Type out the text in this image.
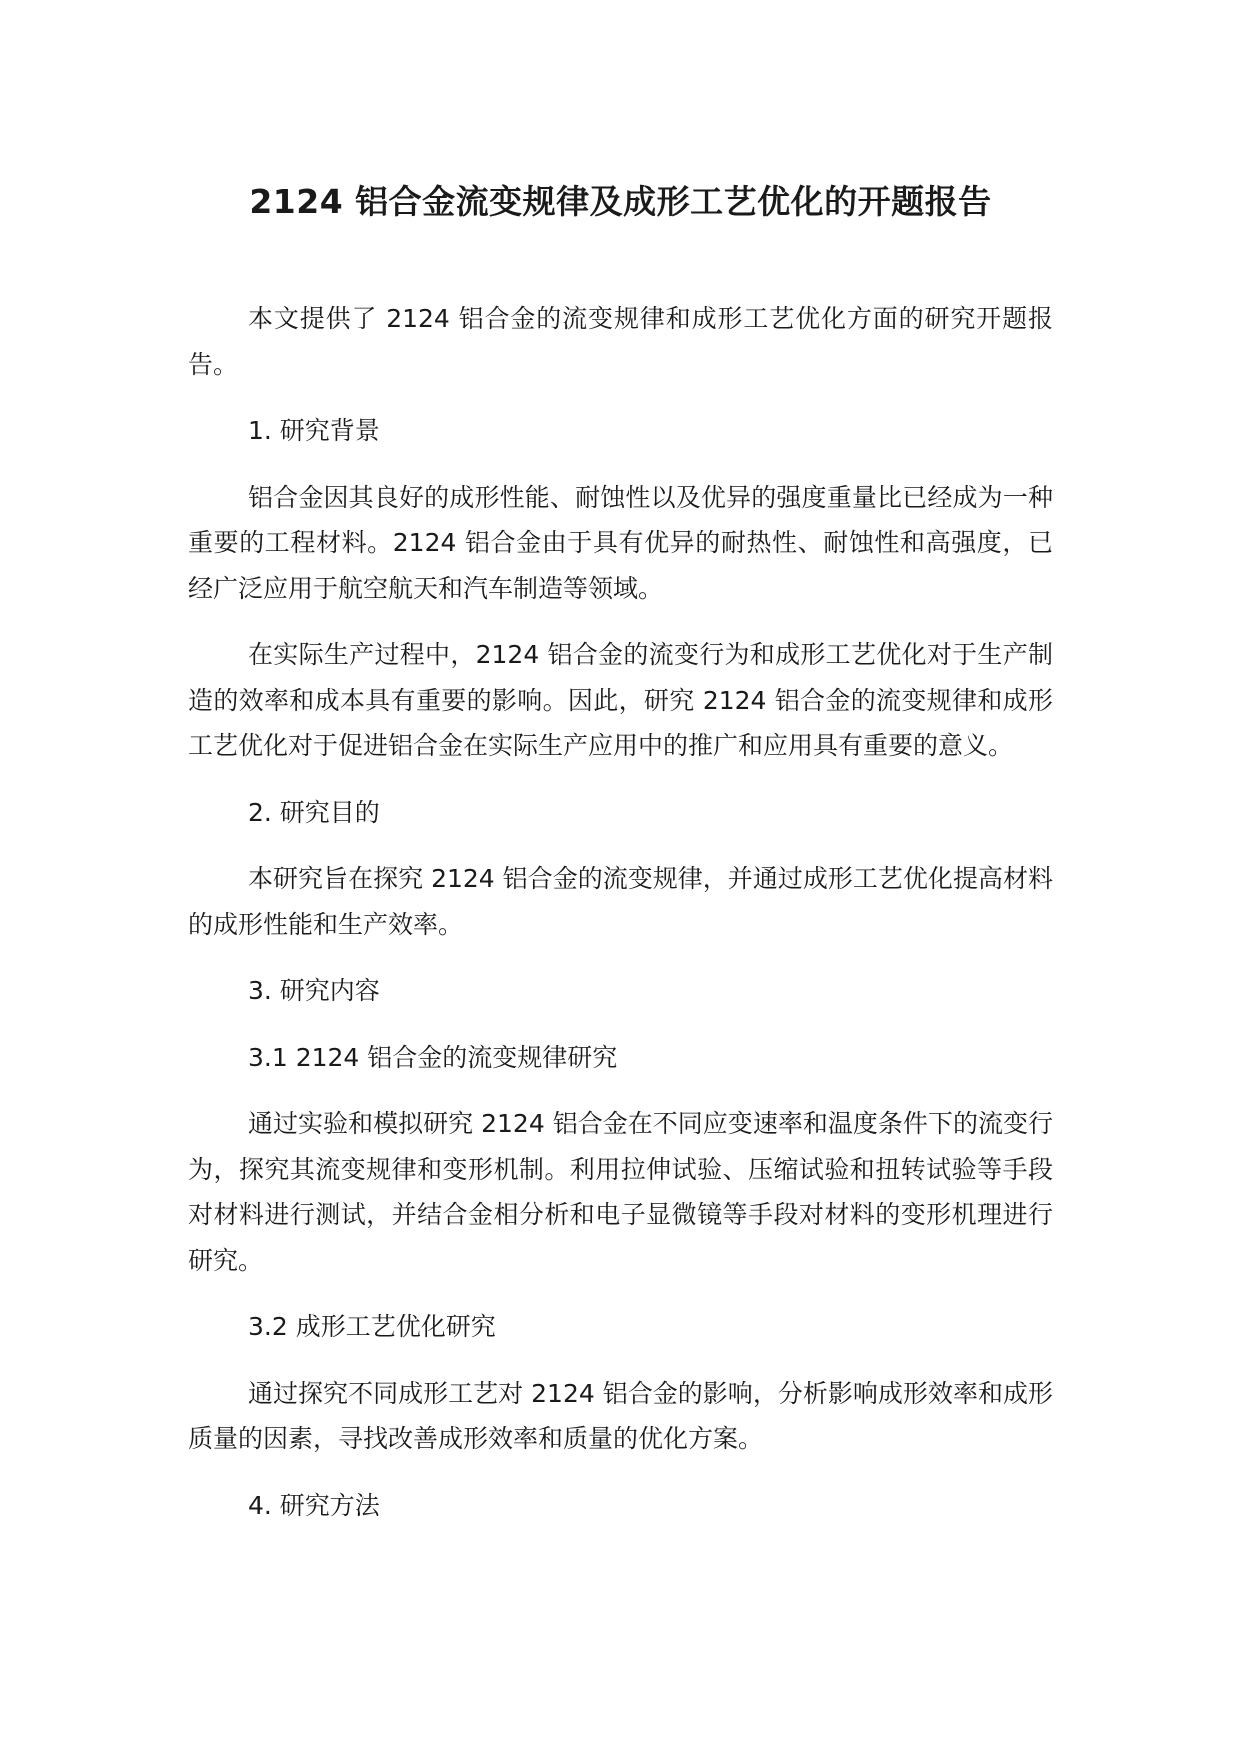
2124 铝合金流变规律及成形工艺优化的开题报告

本文提供了 2124 铝合金的流变规律和成形工艺优化方面的研究开题报告。

1. 研究背景

铝合金因其良好的成形性能、耐蚀性以及优异的强度重量比已经成为一种重要的工程材料。2124 铝合金由于具有优异的耐热性、耐蚀性和高强度，已经广泛应用于航空航天和汽车制造等领域。

在实际生产过程中，2124 铝合金的流变行为和成形工艺优化对于生产制造的效率和成本具有重要的影响。因此，研究 2124 铝合金的流变规律和成形工艺优化对于促进铝合金在实际生产应用中的推广和应用具有重要的意义。

2. 研究目的

本研究旨在探究 2124 铝合金的流变规律，并通过成形工艺优化提高材料的成形性能和生产效率。

3. 研究内容

3.1 2124 铝合金的流变规律研究

通过实验和模拟研究 2124 铝合金在不同应变速率和温度条件下的流变行为，探究其流变规律和变形机制。利用拉伸试验、压缩试验和扭转试验等手段对材料进行测试，并结合金相分析和电子显微镜等手段对材料的变形机理进行研究。

3.2 成形工艺优化研究

通过探究不同成形工艺对 2124 铝合金的影响，分析影响成形效率和成形质量的因素，寻找改善成形效率和质量的优化方案。

4. 研究方法
